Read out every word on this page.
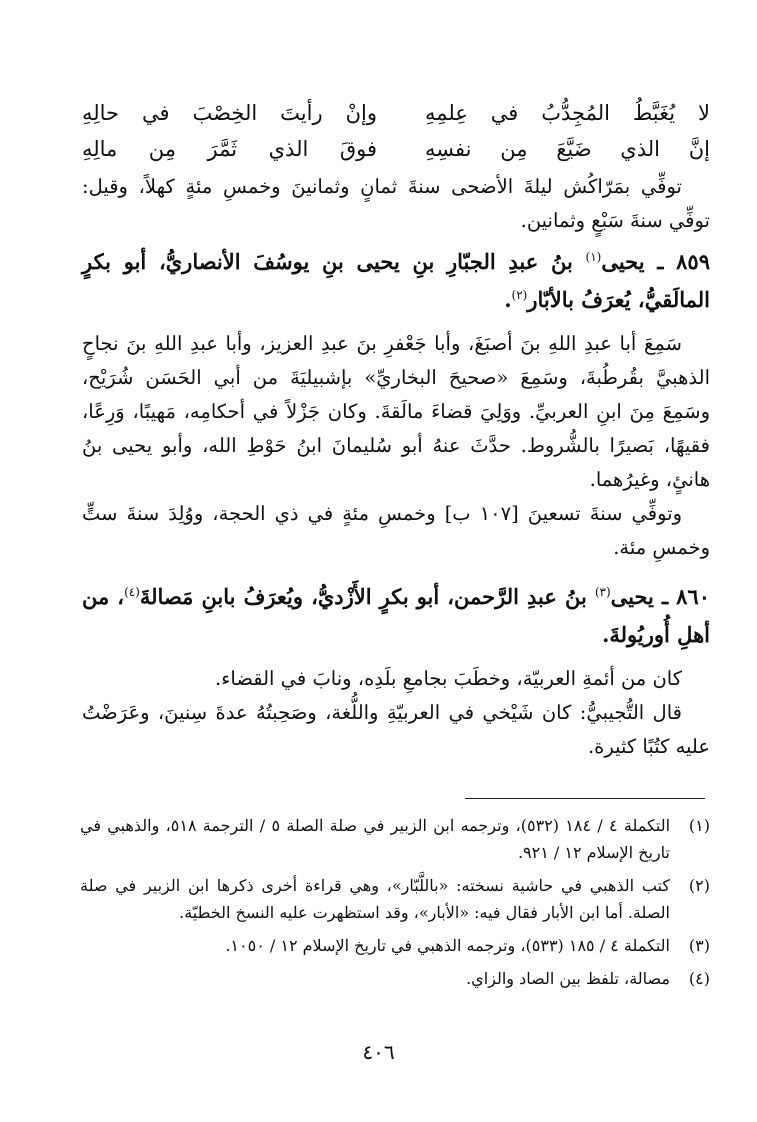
لا يُغَبَّطُ المُجِدُّبُ في عِلمِهِ
وإنْ رأيتَ الخِصْبَ في حالِهِ
إنَّ الذي ضَيَّعَ مِن نفسِهِ
فوقَ الذي ثَمَّرَ مِن مالِهِ

توفِّي بمَرّاكُش ليلةَ الأضحى سنةَ ثمانٍ وثمانينَ وخمسِ مئةٍ كهلاً، وقيل: توفِّي سنةَ سَبْعٍ وثمانين.

٨٥٩ ـ يحيى$^{(١)}$ بنُ عبدِ الجبّارِ بنِ يحيى بنِ يوسُفَ الأنصاريُّ، أبو بكرٍ المالَقيُّ، يُعرَفُ بالأبّار$^{(٢)}$.

سَمِعَ أبا عبدِ اللهِ بنَ أصبَغَ، وأبا جَعْفرِ بنَ عبدِ العزيز، وأبا عبدِ اللهِ بنَ نجاحٍ الذهبيَّ بقُرطُبةَ، وسَمِعَ «صحيحَ البخاريِّ» بإشبيليَةَ من أبي الحَسَن شُرَيْح، وسَمِعَ مِنَ ابنِ العربيِّ. ووَلِيَ قضاءَ مالَقةَ. وكان جَزْلاً في أحكامِه، مَهيبًا، وَرِعًا، فقيهًا، بَصيرًا بالشُّروط. حدَّثَ عنهُ أبو سُليمانَ ابنُ حَوْطِ الله، وأبو يحيى بنُ هانئٍ، وغيرُهما.

وتوفِّي سنةَ تسعينَ [١٠٧ ب] وخمسِ مئةٍ في ذي الحجة، ووُلِدَ سنةَ ستٍّ وخمسِ مئة.

٨٦٠ ـ يحيى$^{(٣)}$ بنُ عبدِ الرَّحمن، أبو بكرٍ الأَزْديُّ، ويُعرَفُ بابنِ مَصالةَ$^{(٤)}$، من أهلِ أُوريُولةَ.

كان من أئمةِ العربيّة، وخطَبَ بجامعِ بلَدِه، ونابَ في القضاء.

قال التُّجيبيُّ: كان شَيْخي في العربيّةِ واللُّغة، وصَحِبتُهُ عدةَ سِنينَ، وعَرَضْتُ عليه كتُبًا كثيرة.

(١)
التكملة ٤ / ١٨٤ (٥٣٢)، وترجمه ابن الزبير في صلة الصلة ٥ / الترجمة ٥١٨، والذهبي في تاريخ الإسلام ١٢ / ٩٢١.
(٢)
كتب الذهبي في حاشية نسخته: «باللَّبّار»، وهي قراءة أخرى ذكرها ابن الزبير في صلة الصلة. أما ابن الأبار فقال فيه: «الأبار»، وقد استظهرت عليه النسخ الخطيّة.
(٣)
التكملة ٤ / ١٨٥ (٥٣٣)، وترجمه الذهبي في تاريخ الإسلام ١٢ / ١٠٥٠.
(٤)
مصالة، تلفظ بين الصاد والزاي.
٤٠٦
